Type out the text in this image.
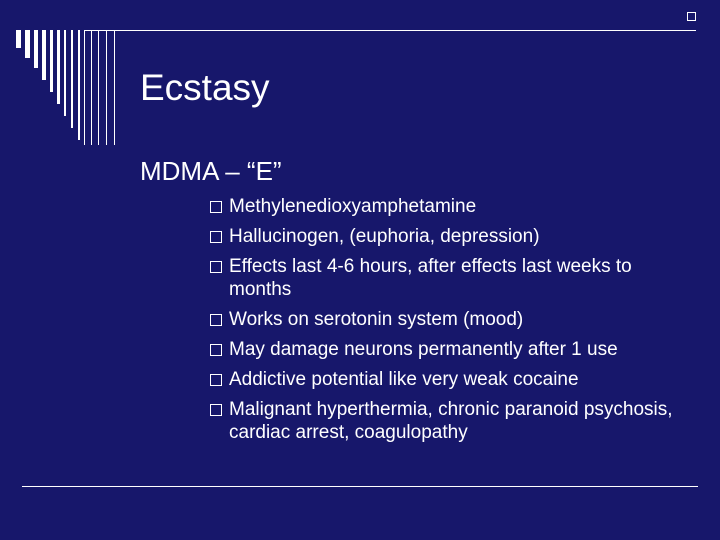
Ecstasy
MDMA – “E”
Methylenedioxyamphetamine
Hallucinogen, (euphoria, depression)
Effects last 4-6 hours, after effects last weeks to months
Works on serotonin system (mood)
May damage neurons permanently after 1 use
Addictive potential like very weak cocaine
Malignant hyperthermia, chronic paranoid psychosis, cardiac arrest, coagulopathy
